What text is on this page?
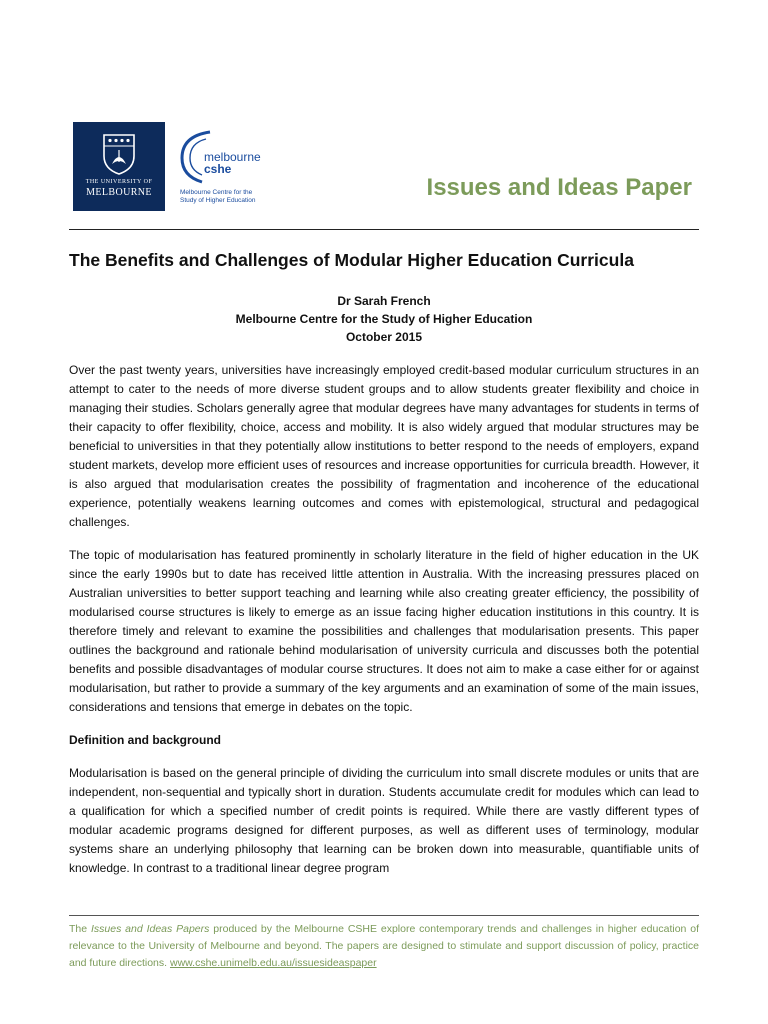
THE UNIVERSITY OF
MELBOURNE
melbourne
cshe
Melbourne Centre for the
Study of Higher Education	Issues and Ideas Paper
The Benefits and Challenges of Modular Higher Education Curricula
Dr Sarah French
Melbourne Centre for the Study of Higher Education
October 2015

Over the past twenty years, universities have increasingly employed credit-based modular curriculum structures in an attempt to cater to the needs of more diverse student groups and to allow students greater flexibility and choice in managing their studies. Scholars generally agree that modular degrees have many advantages for students in terms of their capacity to offer flexibility, choice, access and mobility. It is also widely argued that modular structures may be beneficial to universities in that they potentially allow institutions to better respond to the needs of employers, expand student markets, develop more efficient uses of resources and increase opportunities for curricula breadth. However, it is also argued that modularisation creates the possibility of fragmentation and incoherence of the educational experience, potentially weakens learning outcomes and comes with epistemological, structural and pedagogical challenges.

The topic of modularisation has featured prominently in scholarly literature in the field of higher education in the UK since the early 1990s but to date has received little attention in Australia. With the increasing pressures placed on Australian universities to better support teaching and learning while also creating greater efficiency, the possibility of modularised course structures is likely to emerge as an issue facing higher education institutions in this country. It is therefore timely and relevant to examine the possibilities and challenges that modularisation presents. This paper outlines the background and rationale behind modularisation of university curricula and discusses both the potential benefits and possible disadvantages of modular course structures. It does not aim to make a case either for or against modularisation, but rather to provide a summary of the key arguments and an examination of some of the main issues, considerations and tensions that emerge in debates on the topic.

Definition and background

Modularisation is based on the general principle of dividing the curriculum into small discrete modules or units that are independent, non-sequential and typically short in duration. Students accumulate credit for modules which can lead to a qualification for which a specified number of credit points is required. While there are vastly different types of modular academic programs designed for different purposes, as well as different uses of terminology, modular systems share an underlying philosophy that learning can be broken down into measurable, quantifiable units of knowledge. In contrast to a traditional linear degree program

The Issues and Ideas Papers produced by the Melbourne CSHE explore contemporary trends and challenges in higher education of relevance to the University of Melbourne and beyond. The papers are designed to stimulate and support discussion of policy, practice and future directions. www.cshe.unimelb.edu.au/issuesideaspaper
